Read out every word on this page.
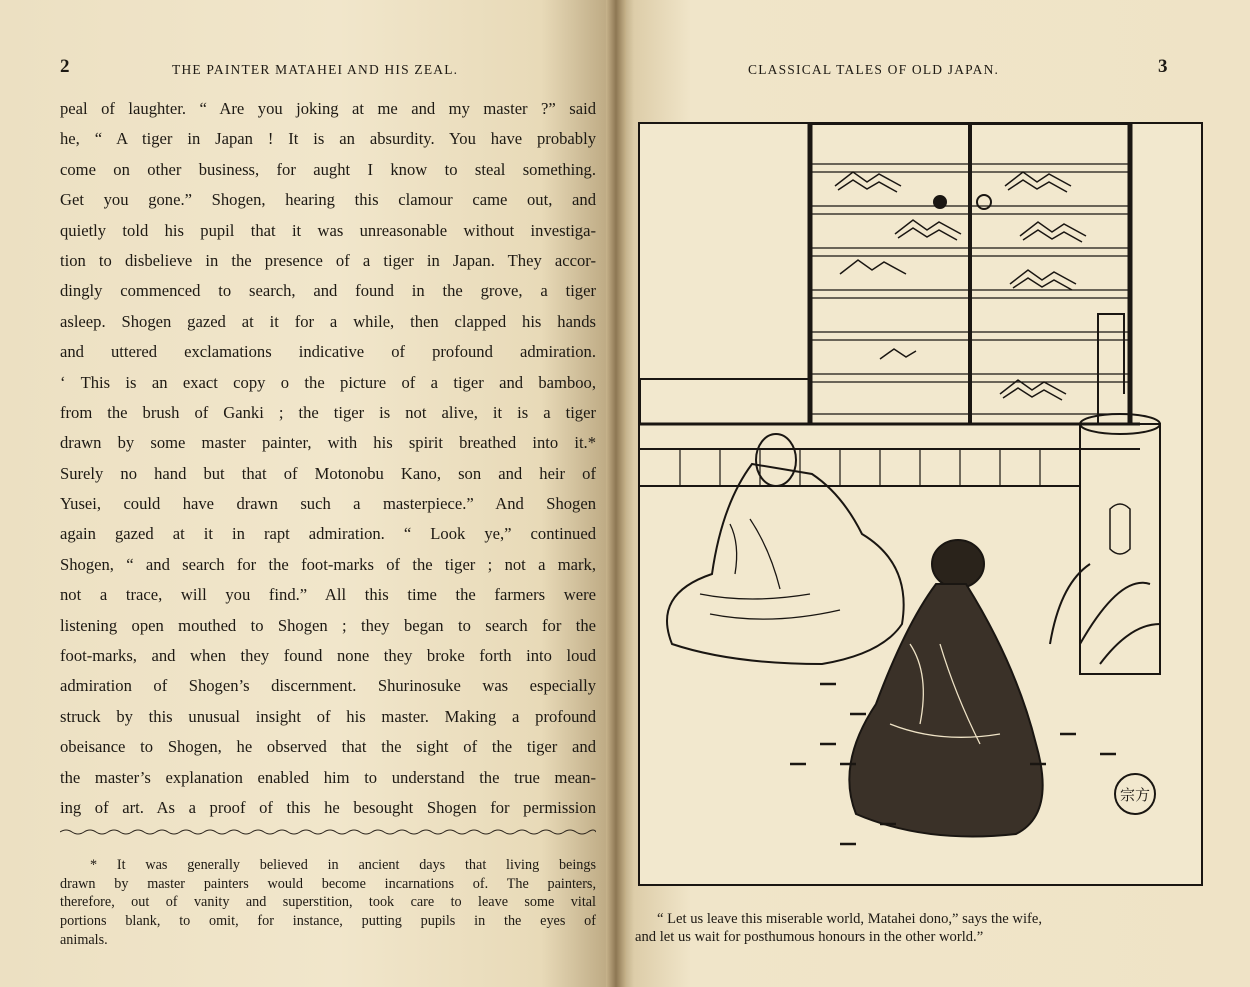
2	THE PAINTER MATAHEI AND HIS ZEAL.
peal of laughter. “ Are you joking at me and my master ?” said
he, “ A tiger in Japan ! It is an absurdity. You have probably
come on other business, for aught I know to steal something.
Get you gone.” Shogen, hearing this clamour came out, and
quietly told his pupil that it was unreasonable without investiga-
tion to disbelieve in the presence of a tiger in Japan. They accor-
dingly commenced to search, and found in the grove, a tiger
asleep. Shogen gazed at it for a while, then clapped his hands
and uttered exclamations indicative of profound admiration.
‘ This is an exact copy o the picture of a tiger and bamboo,
from the brush of Ganki ; the tiger is not alive, it is a tiger
drawn by some master painter, with his spirit breathed into it.*
Surely no hand but that of Motonobu Kano, son and heir of
Yusei, could have drawn such a masterpiece.” And Shogen
again gazed at it in rapt admiration. “ Look ye,” continued
Shogen, “ and search for the foot-marks of the tiger ; not a mark,
not a trace, will you find.” All this time the farmers were
listening open mouthed to Shogen ; they began to search for the
foot-marks, and when they found none they broke forth into loud
admiration of Shogen’s discernment. Shurinosuke was especially
struck by this unusual insight of his master. Making a profound
obeisance to Shogen, he observed that the sight of the tiger and
the master’s explanation enabled him to understand the true mean-
ing of art. As a proof of this he besought Shogen for permission
* It was generally believed in ancient days that living beings
drawn by master painters would become incarnations of. The painters,
therefore, out of vanity and superstition, took care to leave some vital
portions blank, to omit, for instance, putting pupils in the eyes of
animals.
CLASSICAL TALES OF OLD JAPAN.	3
宗方
“ Let us leave this miserable world, Matahei dono,” says the wife,
and let us wait for posthumous honours in the other world.”
